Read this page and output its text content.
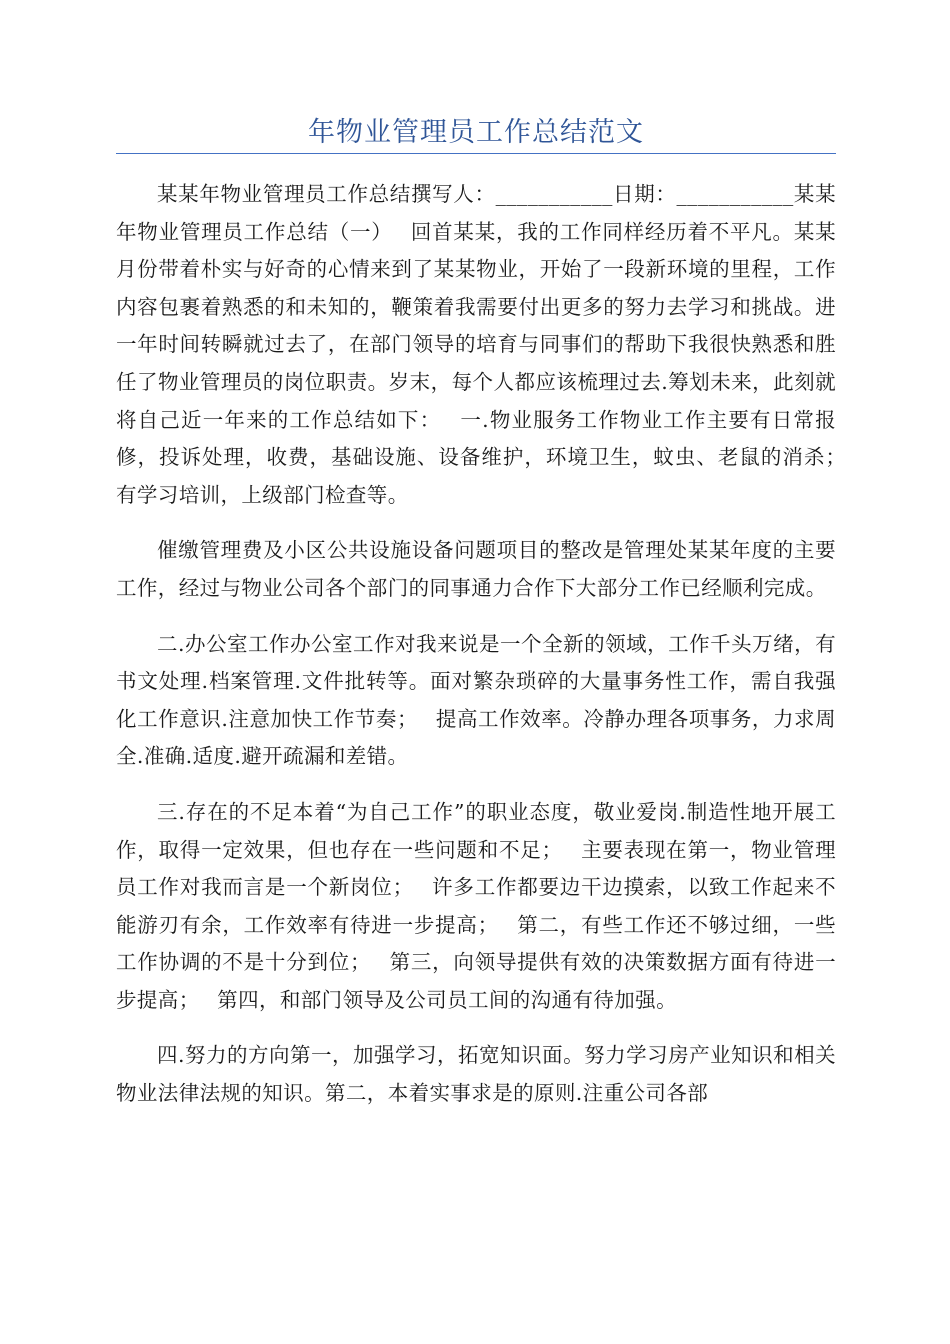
年物业管理员工作总结范文

某某年物业管理员工作总结撰写人：___________日期：___________某某年物业管理员工作总结（一）　 回首某某，我的工作同样经历着不平凡。某某月份带着朴实与好奇的心情来到了某某物业，开始了一段新环境的里程，工作内容包裹着熟悉的和未知的，鞭策着我需要付出更多的努力去学习和挑战。进一年时间转瞬就过去了，在部门领导的培育与同事们的帮助下我很快熟悉和胜任了物业管理员的岗位职责。岁末，每个人都应该梳理过去.筹划未来，此刻就将自己近一年来的工作总结如下：　 一.物业服务工作物业工作主要有日常报修，投诉处理，收费，基础设施、设备维护，环境卫生，蚊虫、老鼠的消杀；　 有学习培训，上级部门检查等。

催缴管理费及小区公共设施设备问题项目的整改是管理处某某年度的主要工作，经过与物业公司各个部门的同事通力合作下大部分工作已经顺利完成。

二.办公室工作办公室工作对我来说是一个全新的领域，工作千头万绪，有书文处理.档案管理.文件批转等。面对繁杂琐碎的大量事务性工作，需自我强化工作意识.注意加快工作节奏；　 提高工作效率。冷静办理各项事务，力求周全.准确.适度.避开疏漏和差错。

三.存在的不足本着“为自己工作”的职业态度，敬业爱岗.制造性地开展工作，取得一定效果，但也存在一些问题和不足；　 主要表现在第一，物业管理员工作对我而言是一个新岗位；　 许多工作都要边干边摸索，以致工作起来不能游刃有余，工作效率有待进一步提高；　 第二，有些工作还不够过细，一些工作协调的不是十分到位；　 第三，向领导提供有效的决策数据方面有待进一步提高；　 第四，和部门领导及公司员工间的沟通有待加强。

四.努力的方向第一，加强学习，拓宽知识面。努力学习房产业知识和相关物业法律法规的知识。第二，本着实事求是的原则.注重公司各部
